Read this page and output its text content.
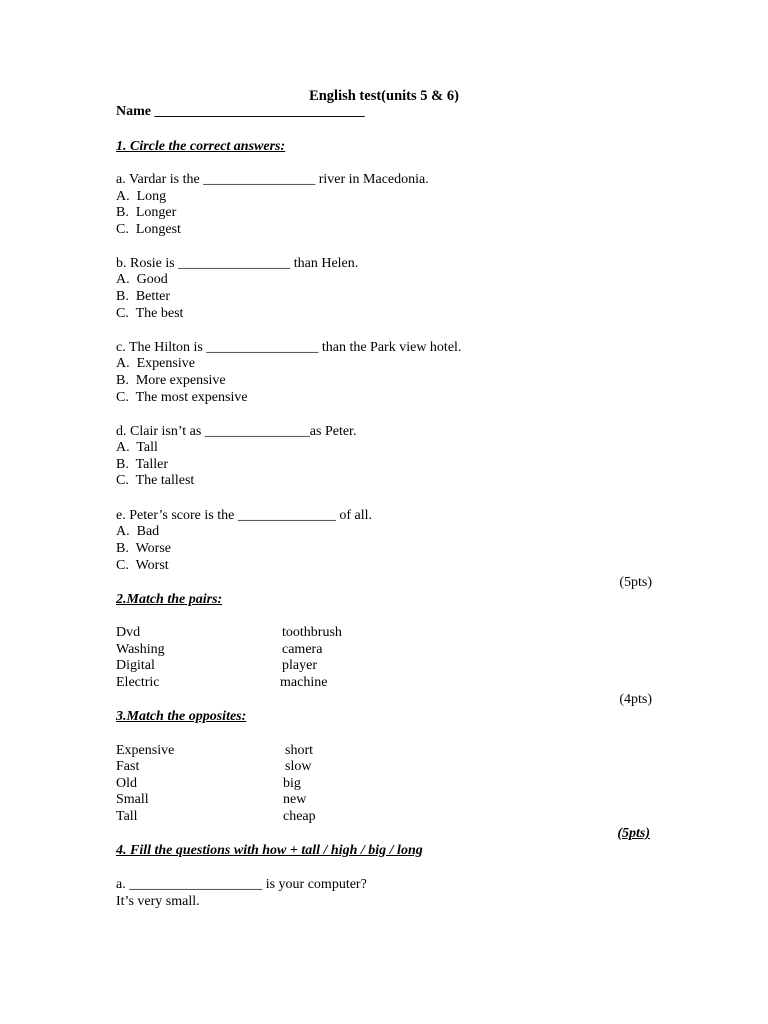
English test(units 5 & 6)
Name ______________________________
1. Circle the correct answers:
a. Vardar is the ________________ river in Macedonia.
A.  Long
B.  Longer
C.  Longest
b. Rosie is ________________ than Helen.
A.  Good
B.  Better
C.  The best
c. The Hilton is ________________ than the Park view hotel.
A.  Expensive
B.  More expensive
C.  The most expensive
d. Clair isn’t as _______________as Peter.
A.  Tall
B.  Taller
C.  The tallest
e. Peter’s score is the ______________ of all.
A.  Bad
B.  Worse
C.  Worst
(5pts)
2.Match the pairs:
Dvd
Washing
Digital
Electric
toothbrush
camera
player
machine
(4pts)
3.Match the opposites:
Expensive
Fast
Old
Small
Tall
short
slow
big
new
cheap
(5pts)
4. Fill the questions with how + tall / high / big / long
a. ___________________ is your computer?
It’s very small.
